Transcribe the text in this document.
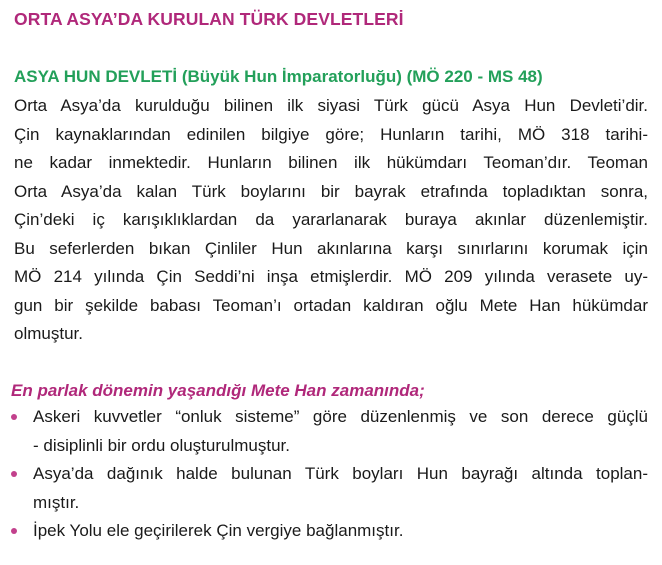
ORTA ASYA’DA KURULAN TÜRK DEVLETLERİ
ASYA HUN DEVLETİ (Büyük Hun İmparatorluğu) (MÖ 220 - MS 48)
Orta Asya’da kurulduğu bilinen ilk siyasi Türk gücü Asya Hun Devleti’dir.
Çin kaynaklarından edinilen bilgiye göre; Hunların tarihi, MÖ 318 tarihi-
ne kadar inmektedir. Hunların bilinen ilk hükümdarı Teoman’dır. Teoman
Orta Asya’da kalan Türk boylarını bir bayrak etrafında topladıktan sonra,
Çin’deki iç karışıklıklardan da yararlanarak buraya akınlar düzenlemiştir.
Bu seferlerden bıkan Çinliler Hun akınlarına karşı sınırlarını korumak için
MÖ 214 yılında Çin Seddi’ni inşa etmişlerdir. MÖ 209 yılında verasete uy-
gun bir şekilde babası Teoman’ı ortadan kaldıran oğlu Mete Han hükümdar
olmuştur.
En parlak dönemin yaşandığı Mete Han zamanında;
Askeri kuvvetler “onluk sisteme” göre düzenlenmiş ve son derece güçlü
- disiplinli bir ordu oluşturulmuştur.
Asya’da dağınık halde bulunan Türk boyları Hun bayrağı altında toplan-
mıştır.
İpek Yolu ele geçirilerek Çin vergiye bağlanmıştır.
